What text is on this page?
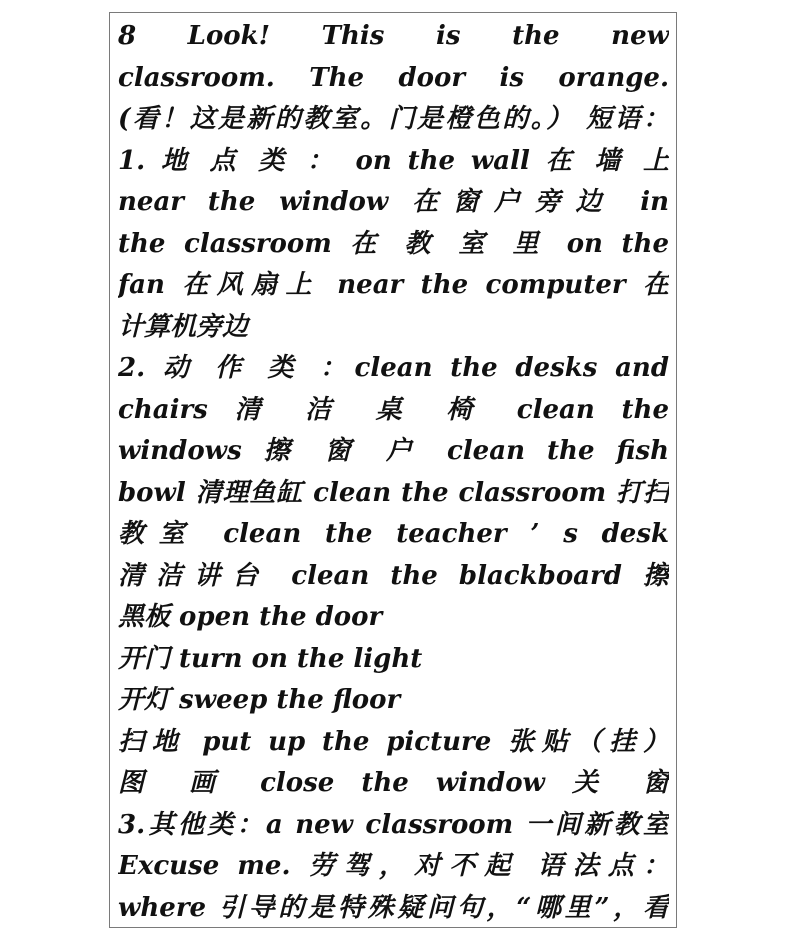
8 Look! This is the new
classroom. The door is orange.
(看！这是新的教室。门是橙色的。） 短语：
1. 地 点 类 ： on the wall 在 墙 上
near the window 在窗户旁边 in
the classroom 在 教 室 里 on the
fan 在风扇上 near the computer 在
计算机旁边
2. 动 作 类 ：clean the desks and
chairs 清 洁 桌 椅 clean the
windows 擦 窗 户 clean the fish
bowl 清理鱼缸 clean the classroom 打扫
教室 clean the teacher ’ s desk
清洁讲台 clean the blackboard 擦
黑板 open the door
开门 turn on the light
开灯 sweep the floor
扫地 put up the picture 张贴（挂）
图 画 close the window 关 窗
3.其他类：a new classroom 一间新教室
Excuse me. 劳驾，对不起 语法点：
where 引导的是特殊疑问句，“哪里”，看
